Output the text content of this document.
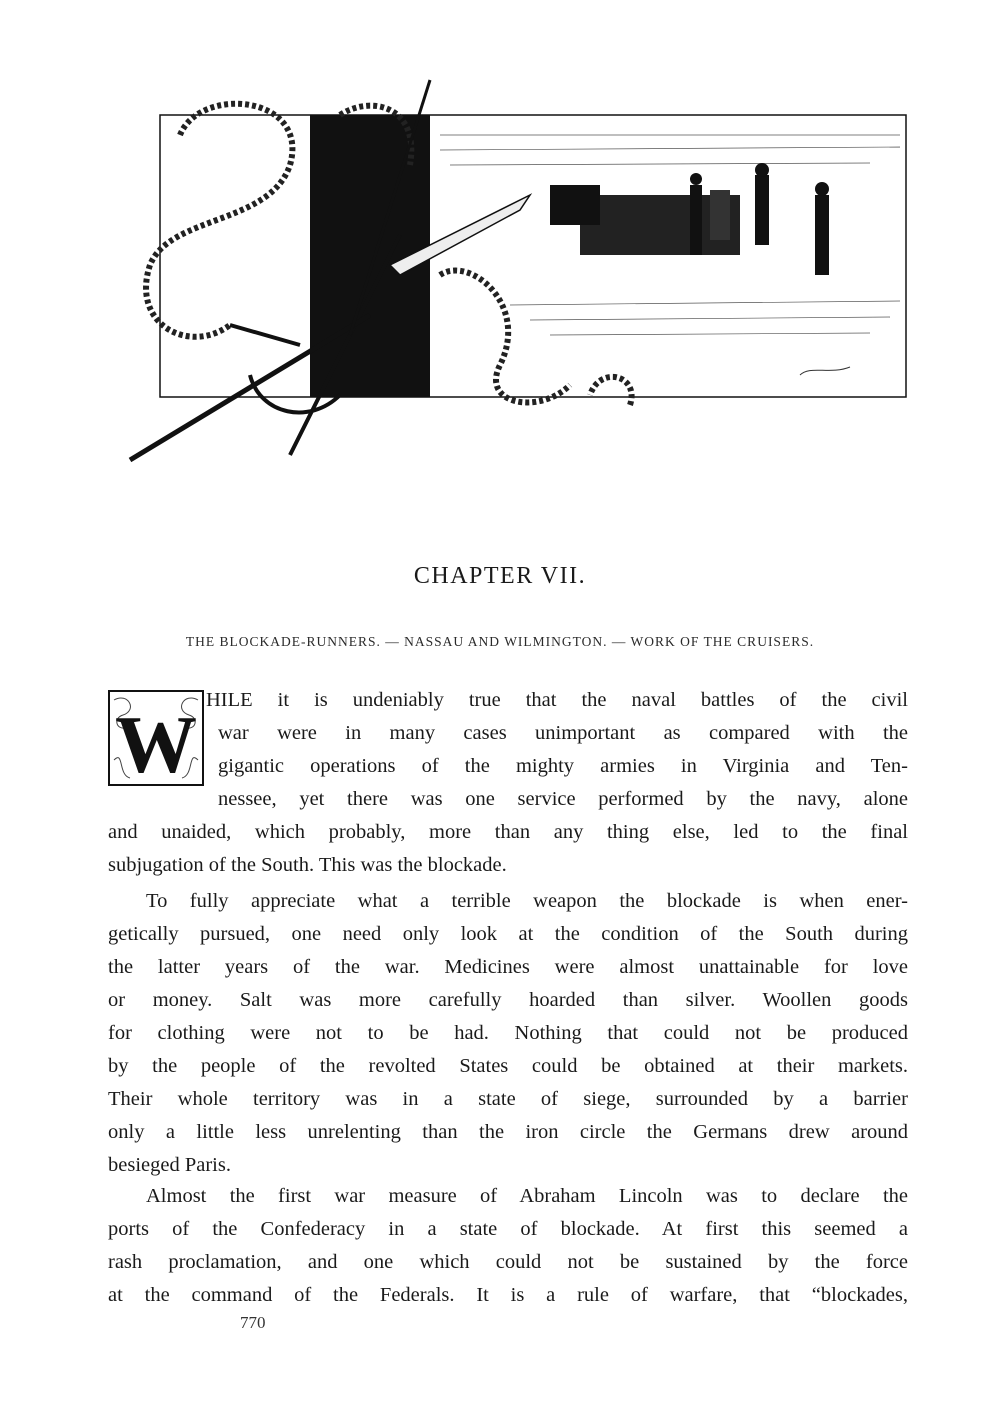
CHAPTER VII.
THE BLOCKADE-RUNNERS. — NASSAU AND WILMINGTON. — WORK OF THE CRUISERS.
W HILE it is undeniably true that the naval battles of the civil
war were in many cases unimportant as compared with the
gigantic operations of the mighty armies in Virginia and Ten-
nessee, yet there was one service performed by the navy, alone
and unaided, which probably, more than any thing else, led to the final
subjugation of the South. This was the blockade.
To fully appreciate what a terrible weapon the blockade is when ener-
getically pursued, one need only look at the condition of the South during
the latter years of the war. Medicines were almost unattainable for love
or money. Salt was more carefully hoarded than silver. Woollen goods
for clothing were not to be had. Nothing that could not be produced
by the people of the revolted States could be obtained at their markets.
Their whole territory was in a state of siege, surrounded by a barrier
only a little less unrelenting than the iron circle the Germans drew around
besieged Paris.
Almost the first war measure of Abraham Lincoln was to declare the
ports of the Confederacy in a state of blockade. At first this seemed a
rash proclamation, and one which could not be sustained by the force
at the command of the Federals. It is a rule of warfare, that “blockades,
770
